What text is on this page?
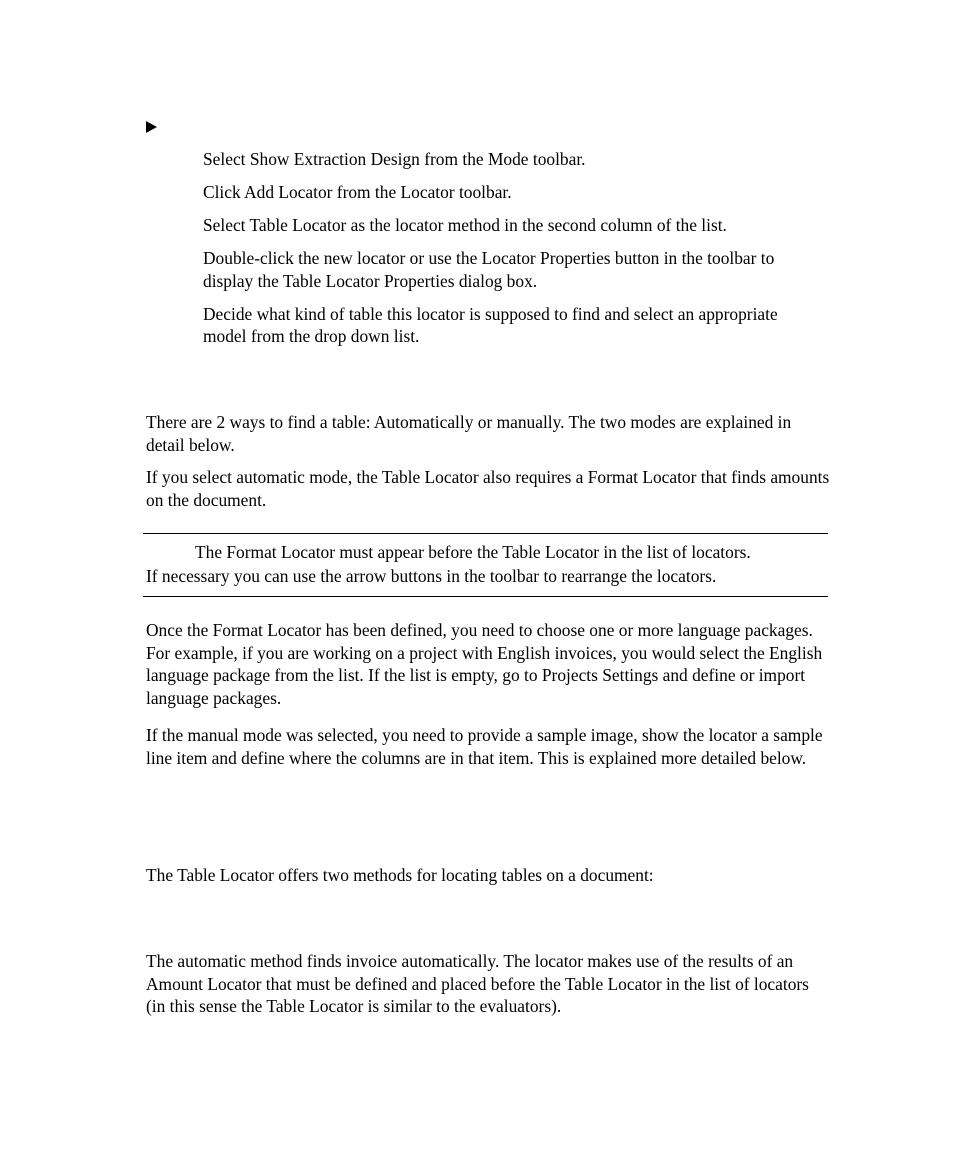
Select Show Extraction Design from the Mode toolbar.
Click Add Locator from the Locator toolbar.
Select Table Locator as the locator method in the second column of the list.
Double-click the new locator or use the Locator Properties button in the toolbar to display the Table Locator Properties dialog box.
Decide what kind of table this locator is supposed to find and select an appropriate model from the drop down list.

There are 2 ways to find a table: Automatically or manually. The two modes are explained in detail below.

If you select automatic mode, the Table Locator also requires a Format Locator that finds amounts on the document.

The Format Locator must appear before the Table Locator in the list of locators.
If necessary you can use the arrow buttons in the toolbar to rearrange the locators.

Once the Format Locator has been defined, you need to choose one or more language packages. For example, if you are working on a project with English invoices, you would select the English language package from the list. If the list is empty, go to Projects Settings and define or import language packages.

If the manual mode was selected, you need to provide a sample image, show the locator a sample line item and define where the columns are in that item. This is explained more detailed below.

The Table Locator offers two methods for locating tables on a document:

The automatic method finds invoice automatically. The locator makes use of the results of an Amount Locator that must be defined and placed before the Table Locator in the list of locators (in this sense the Table Locator is similar to the evaluators).
